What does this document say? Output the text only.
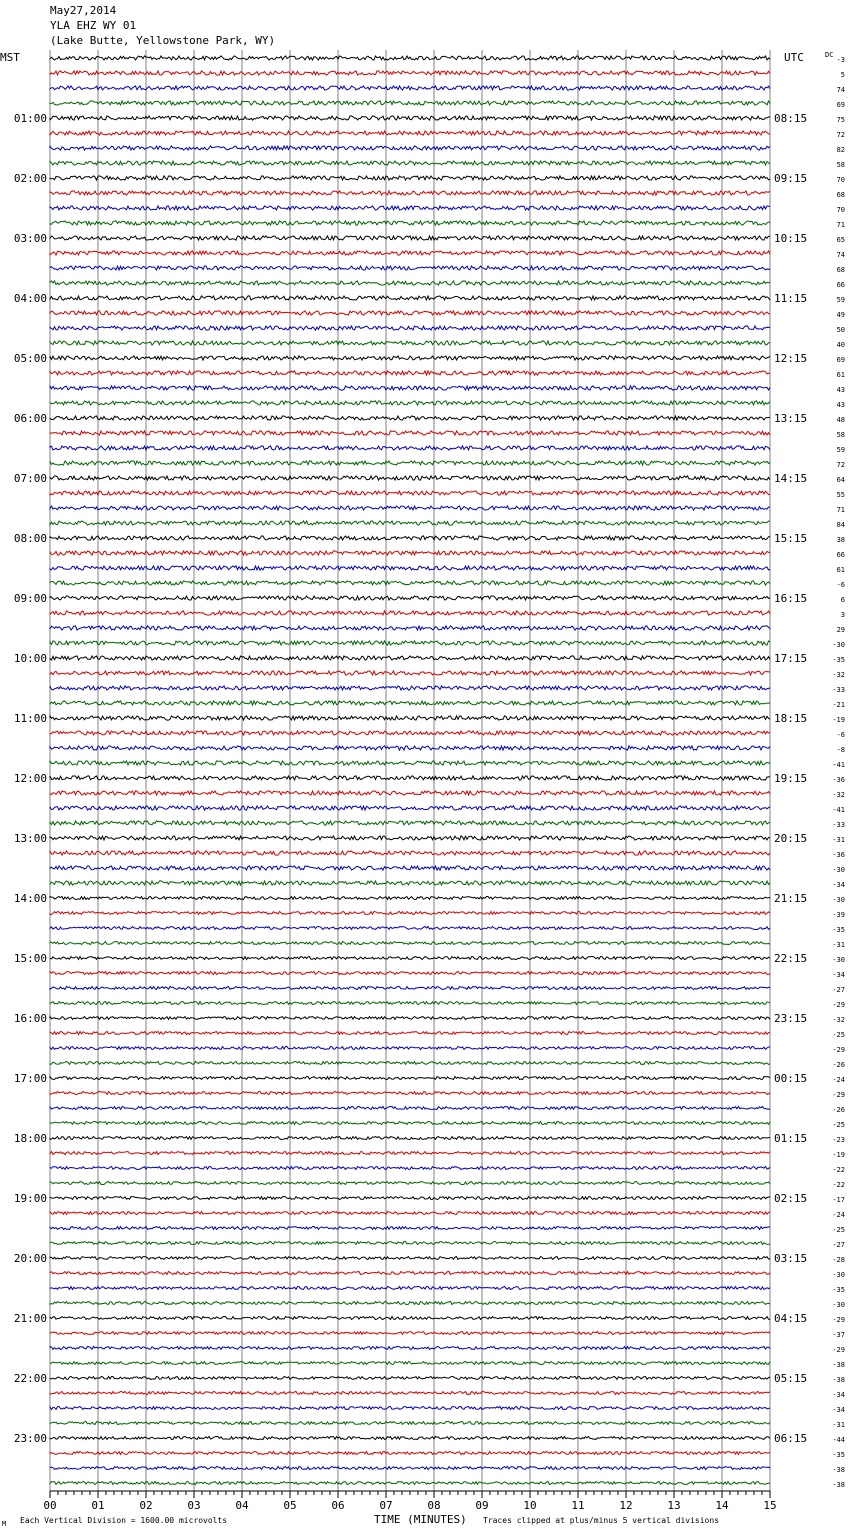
May27,2014
YLA EHZ WY 01
(Lake Butte, Yellowstone Park, WY)
00	01	02	03	04	05	06	07	08	09	10	11	12	13	14	15
01:00
02:00
03:00
04:00
05:00
06:00
07:00
08:00
09:00
10:00
11:00
12:00
13:00
14:00
15:00
16:00
17:00
18:00
19:00
20:00
21:00
22:00
23:00
08:15
09:15
10:15
11:15
12:15
13:15
14:15
15:15
16:15
17:15
18:15
19:15
20:15
21:15
22:15
23:15
00:15
01:15
02:15
03:15
04:15
05:15
06:15
-3
5
74
69
75
72
82
58
70
68
70
71
65
74
68
66
59
49
50
40
69
61
43
43
48
58
59
72
64
55
71
84
38
66
61
-6
6
3
29
-30
-35
-32
-33
-21
-19
-6
-8
-41
-36
-32
-41
-33
-31
-36
-30
-34
-30
-39
-35
-31
-30
-34
-27
-29
-32
-25
-29
-26
-24
-29
-26
-25
-23
-19
-22
-22
-17
-24
-25
-27
-28
-30
-35
-30
-29
-37
-29
-38
-38
-34
-34
-31
-44
-35
-38
-38
MST	UTC	DC
TIME (MINUTES)
Each Vertical Division = 1600.00 microvolts	Traces clipped at plus/minus 5 vertical divisions
M
